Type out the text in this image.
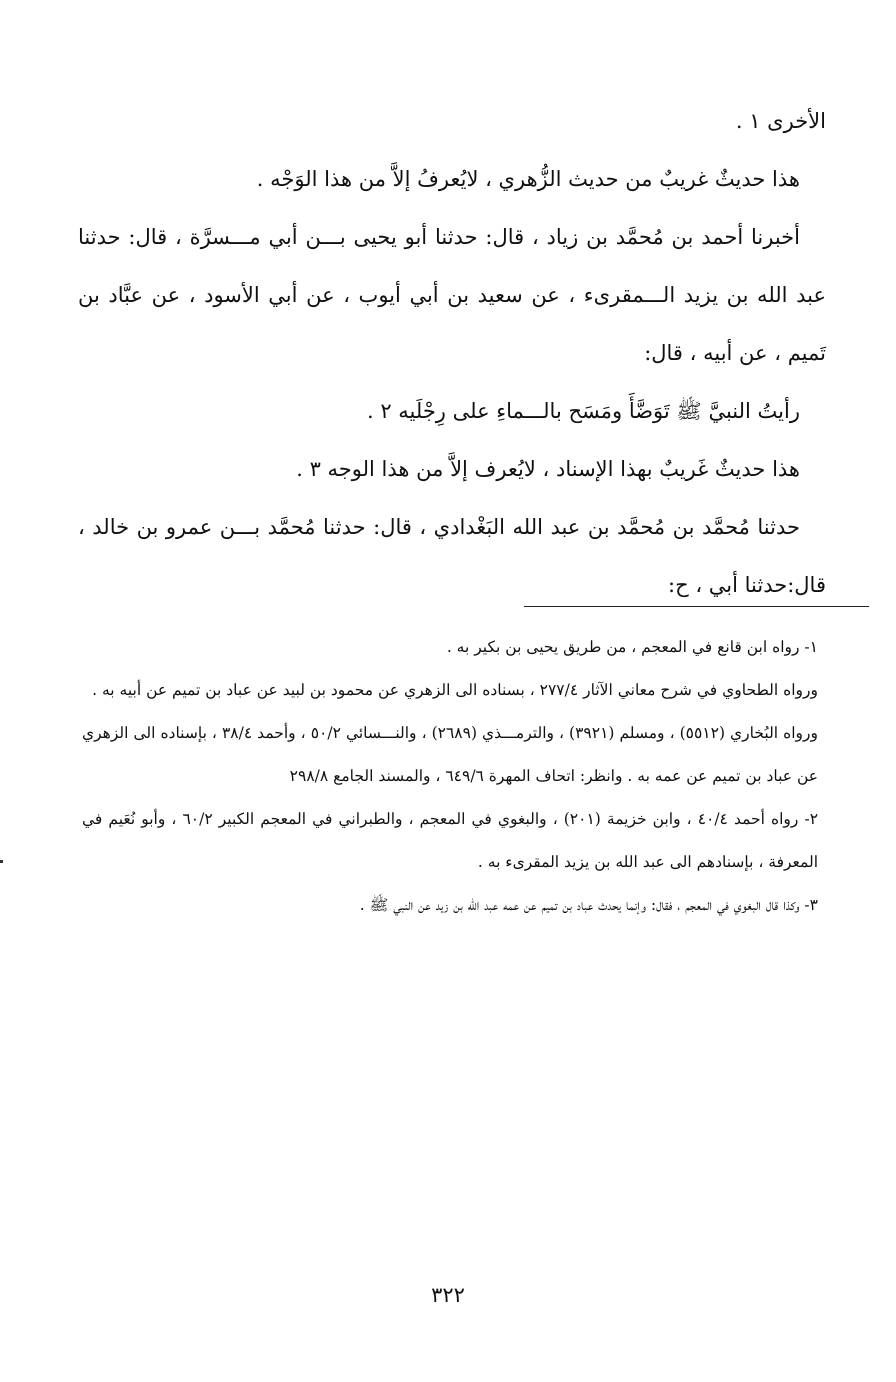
الأخرى ١ .

هذا حديثٌ غريبٌ من حديث الزُّهري ، لايُعرفُ إلاَّ من هذا الوَجْه .

أخبرنا أحمد بن مُحمَّد بن زياد ، قال: حدثنا أبو يحيى بـــن أبي مـــسرَّة ، قال: حدثنا عبد الله بن يزيد الـــمقرىء ، عن سعيد بن أبي أيوب ، عن أبي الأسود ، عن عبَّاد بن تَميم ، عن أبيه ، قال:

رأيتُ النبيَّ ﷺ تَوَضَّأَ ومَسَح بالـــماءِ على رِجْلَيه ٢ .

هذا حديثٌ غَريبٌ بهذا الإسناد ، لايُعرف إلاَّ من هذا الوجه ٣ .

حدثنا مُحمَّد بن مُحمَّد بن عبد الله البَغْدادي ، قال: حدثنا مُحمَّد بـــن عمرو بن خالد ، قال:حدثنا أبي ، ح:

١- رواه ابن قانع في المعجم ، من طريق يحيى بن بكير به .

ورواه الطحاوي في شرح معاني الآثار ٢٧٧/٤ ، بسناده الى الزهري عن محمود بن لبيد عن عباد بن تميم عن أبيه به .

ورواه البُخاري (٥٥١٢) ، ومسلم (٣٩٢١) ، والترمـــذي (٢٦٨٩) ، والنـــسائي ٥٠/٢ ، وأحمد ٣٨/٤ ، بإسناده الى الزهري عن عباد بن تميم عن عمه به . وانظر: اتحاف المهرة ٦٤٩/٦ ، والمسند الجامع ٢٩٨/٨

٢- رواه أحمد ٤٠/٤ ، وابن خزيمة (٢٠١) ، والبغوي في المعجم ، والطبراني في المعجم الكبير ٦٠/٢ ، وأبو نُعَيم في المعرفة ، بإسنادهم الى عبد الله بن يزيد المقرىء به .

٣- وكذا قال البغوي في المعجم ، فقال: وإنما يحدث عباد بن تميم عن عمه عبد الله بن زيد عن النبي ﷺ .

٣٢٢
